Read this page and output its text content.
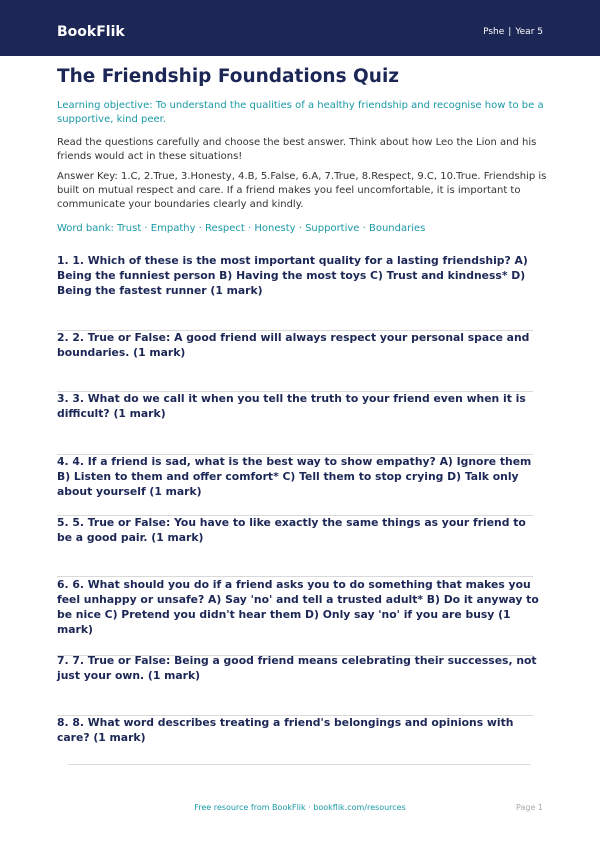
BookFlik	Pshe | Year 5
The Friendship Foundations Quiz

Learning objective: To understand the qualities of a healthy friendship and recognise how to be a supportive, kind peer.

Read the questions carefully and choose the best answer. Think about how Leo the Lion and his friends would act in these situations!

Answer Key: 1.C, 2.True, 3.Honesty, 4.B, 5.False, 6.A, 7.True, 8.Respect, 9.C, 10.True. Friendship is built on mutual respect and care. If a friend makes you feel uncomfortable, it is important to communicate your boundaries clearly and kindly.

Word bank: Trust · Empathy · Respect · Honesty · Supportive · Boundaries

1. 1. Which of these is the most important quality for a lasting friendship? A) Being the funniest person B) Having the most toys C) Trust and kindness* D) Being the fastest runner (1 mark)

2. 2. True or False: A good friend will always respect your personal space and boundaries. (1 mark)

3. 3. What do we call it when you tell the truth to your friend even when it is difficult? (1 mark)

4. 4. If a friend is sad, what is the best way to show empathy? A) Ignore them B) Listen to them and offer comfort* C) Tell them to stop crying D) Talk only about yourself (1 mark)

5. 5. True or False: You have to like exactly the same things as your friend to be a good pair. (1 mark)

6. 6. What should you do if a friend asks you to do something that makes you feel unhappy or unsafe? A) Say 'no' and tell a trusted adult* B) Do it anyway to be nice C) Pretend you didn't hear them D) Only say 'no' if you are busy (1 mark)

7. 7. True or False: Being a good friend means celebrating their successes, not just your own. (1 mark)

8. 8. What word describes treating a friend's belongings and opinions with care? (1 mark)

Free resource from BookFlik · bookflik.com/resources	Page 1
